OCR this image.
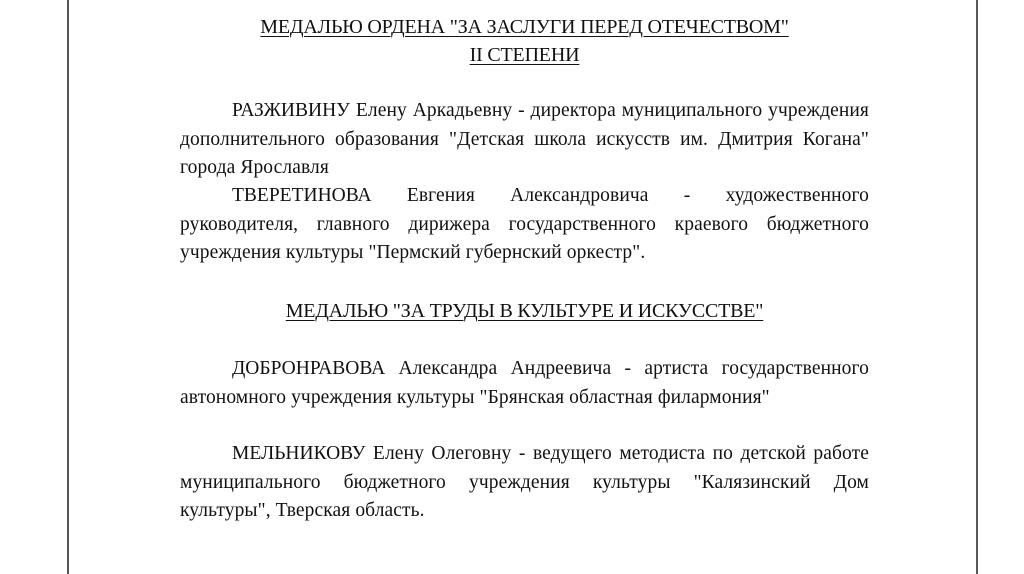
МЕДАЛЬЮ ОРДЕНА "ЗА ЗАСЛУГИ ПЕРЕД ОТЕЧЕСТВОМ"
II СТЕПЕНИ

РАЗЖИВИНУ Елену Аркадьевну - директора муниципального учреждения дополнительного образования "Детская школа искусств им. Дмитрия Когана" города Ярославля

ТВЕРЕТИНОВА Евгения Александровича - художественного руководителя, главного дирижера государственного краевого бюджетного учреждения культуры "Пермский губернский оркестр".

МЕДАЛЬЮ "ЗА ТРУДЫ В КУЛЬТУРЕ И ИСКУССТВЕ"

ДОБРОНРАВОВА Александра Андреевича - артиста государственного автономного учреждения культуры "Брянская областная филармония"

МЕЛЬНИКОВУ Елену Олеговну - ведущего методиста по детской работе муниципального бюджетного учреждения культуры "Калязинский Дом культуры", Тверская область.
